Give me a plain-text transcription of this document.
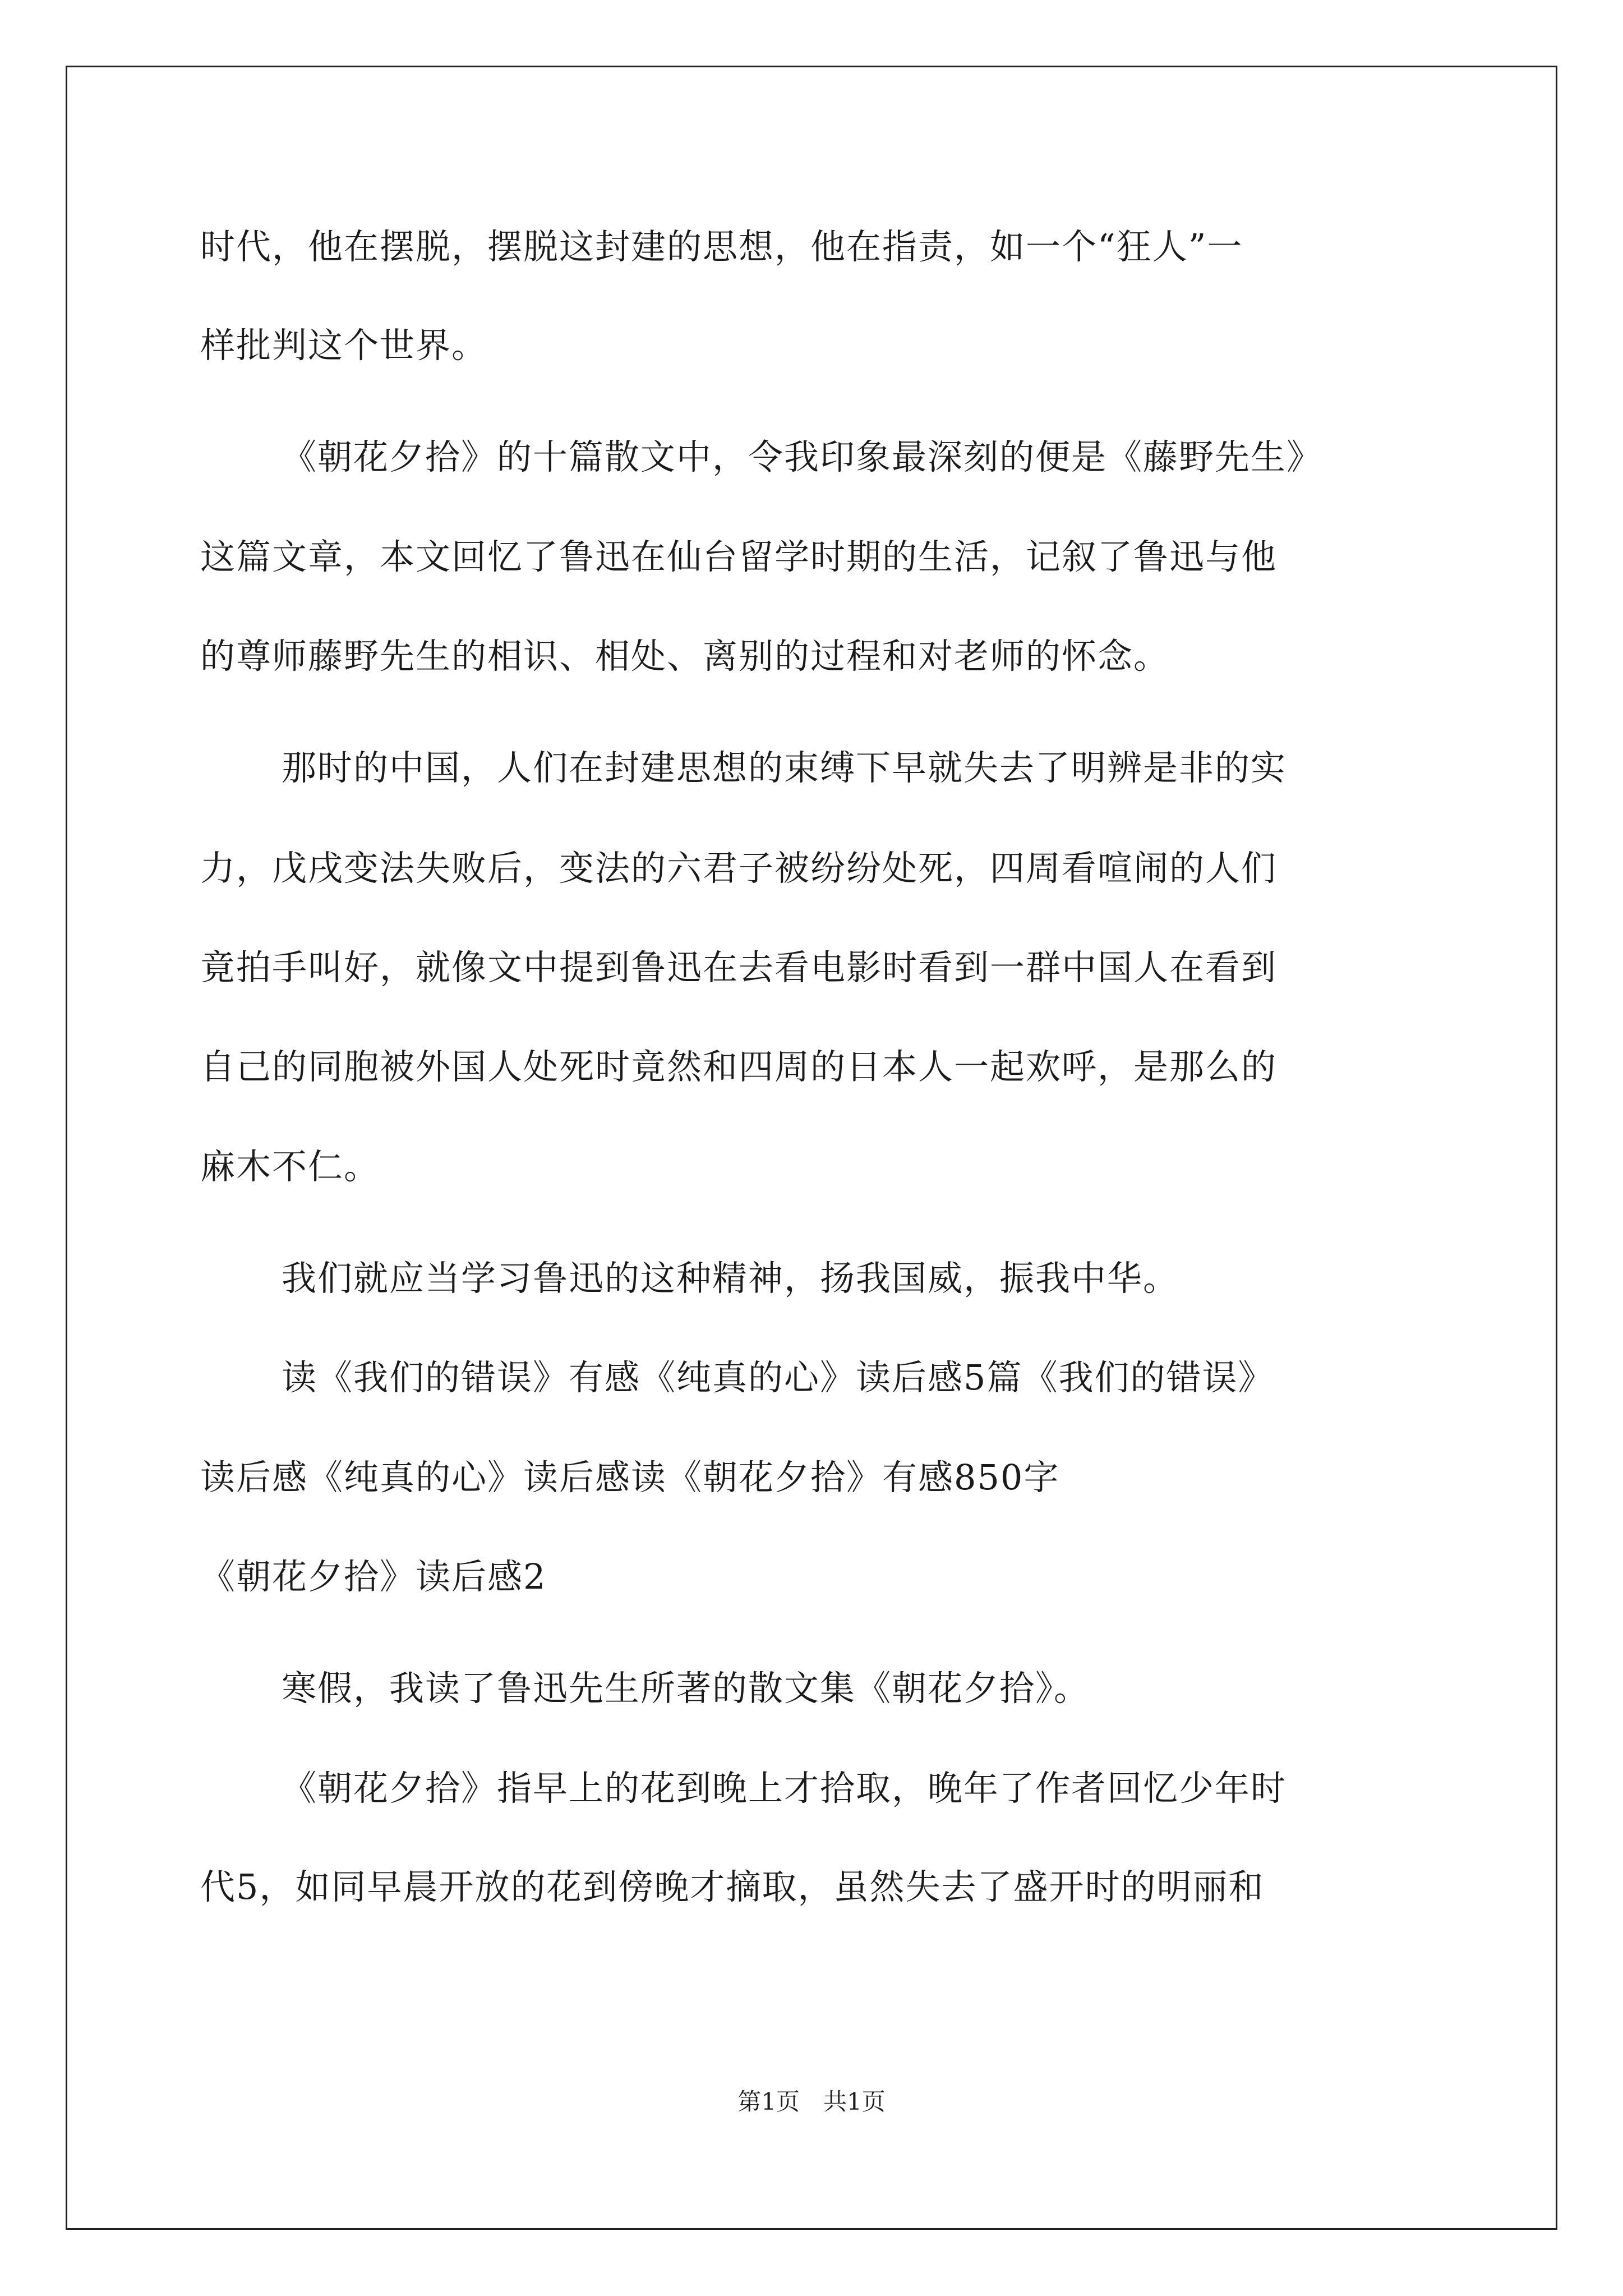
时代，他在摆脱，摆脱这封建的思想，他在指责，如一个“狂人”一
样批判这个世界。
《朝花夕拾》的十篇散文中，令我印象最深刻的便是《藤野先生》
这篇文章，本文回忆了鲁迅在仙台留学时期的生活，记叙了鲁迅与他
的尊师藤野先生的相识、相处、离别的过程和对老师的怀念。
那时的中国，人们在封建思想的束缚下早就失去了明辨是非的实
力，戊戌变法失败后，变法的六君子被纷纷处死，四周看喧闹的人们
竟拍手叫好，就像文中提到鲁迅在去看电影时看到一群中国人在看到
自己的同胞被外国人处死时竟然和四周的日本人一起欢呼，是那么的
麻木不仁。
我们就应当学习鲁迅的这种精神，扬我国威，振我中华。
读《我们的错误》有感《纯真的心》读后感5篇《我们的错误》
读后感《纯真的心》读后感读《朝花夕拾》有感850字
《朝花夕拾》读后感2
寒假，我读了鲁迅先生所著的散文集《朝花夕拾》。
《朝花夕拾》指早上的花到晚上才拾取，晚年了作者回忆少年时
代5，如同早晨开放的花到傍晚才摘取，虽然失去了盛开时的明丽和
第1页　共1页
